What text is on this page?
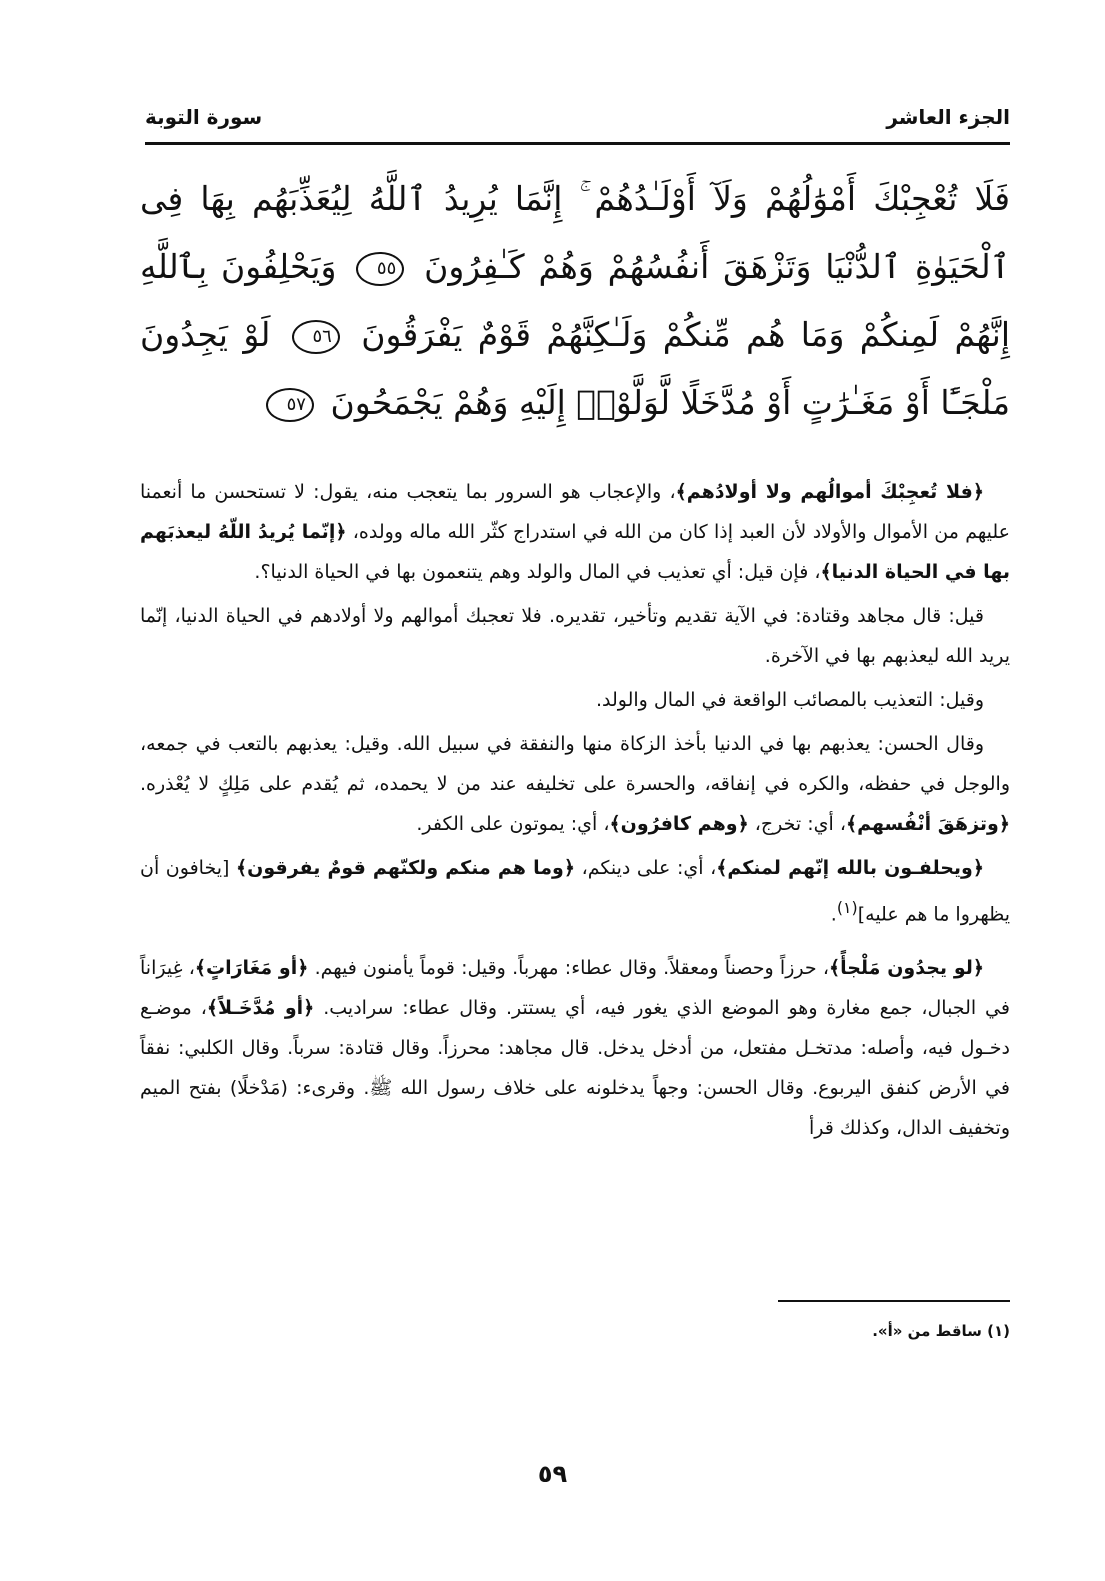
الجزء العاشر
سورة التوبة
فَلَا تُعْجِبْكَ أَمْوَٰلُهُمْ وَلَآ أَوْلَـٰدُهُمْ ۚ إِنَّمَا يُرِيدُ ٱللَّهُ لِيُعَذِّبَهُم بِهَا فِى ٱلْحَيَوٰةِ ٱلدُّنْيَا وَتَزْهَقَ أَنفُسُهُمْ وَهُمْ كَـٰفِرُونَ ٥٥ وَيَحْلِفُونَ بِٱللَّهِ إِنَّهُمْ لَمِنكُمْ وَمَا هُم مِّنكُمْ وَلَـٰكِنَّهُمْ قَوْمٌ يَفْرَقُونَ ٥٦ لَوْ يَجِدُونَ مَلْجَـًٔا أَوْ مَغَـٰرَٰتٍ أَوْ مُدَّخَلًا لَّوَلَّوْا۟ إِلَيْهِ وَهُمْ يَجْمَحُونَ ٥٧

﴿فلا تُعجِبْكَ أموالُهم ولا أولادُهم﴾، والإعجاب هو السرور بما يتعجب منه، يقول: لا تستحسن ما أنعمنا عليهم من الأموال والأولاد لأن العبد إذا كان من الله في استدراج كثّر الله ماله وولده، ﴿إنّما يُريدُ اللّهُ ليعذبَهم بها في الحياة الدنيا﴾، فإن قيل: أي تعذيب في المال والولد وهم يتنعمون بها في الحياة الدنيا؟.

قيل: قال مجاهد وقتادة: في الآية تقديم وتأخير، تقديره. فلا تعجبك أموالهم ولا أولادهم في الحياة الدنيا، إنّما يريد الله ليعذبهم بها في الآخرة.

وقيل: التعذيب بالمصائب الواقعة في المال والولد.

وقال الحسن: يعذبهم بها في الدنيا بأخذ الزكاة منها والنفقة في سبيل الله. وقيل: يعذبهم بالتعب في جمعه، والوجل في حفظه، والكره في إنفاقه، والحسرة على تخليفه عند من لا يحمده، ثم يُقدم على مَلِكٍ لا يُعْذره. ﴿وتزهَقَ أنْفُسهم﴾، أي: تخرج، ﴿وهم كافرُون﴾، أي: يموتون على الكفر.

﴿ويحلفـون بالله إنّهم لمنكم﴾، أي: على دينكم، ﴿وما هم منكم ولكنّهم قومٌ يفرقون﴾ [يخافون أن يظهروا ما هم عليه]$^{(١)}$.

﴿لو يجدُون مَلْجأً﴾، حرزاً وحصناً ومعقلاً. وقال عطاء: مهرباً. وقيل: قوماً يأمنون فيهم. ﴿أو مَغَارَاتٍ﴾، غِيرَاناً في الجبال، جمع مغارة وهو الموضع الذي يغور فيه، أي يستتر. وقال عطاء: سراديب. ﴿أو مُدَّخَـلاً﴾، موضـع دخـول فيه، وأصله: مدتخـل مفتعل، من أدخل يدخل. قال مجاهد: محرزاً. وقال قتادة: سرباً. وقال الكلبي: نفقاً في الأرض كنفق اليربوع. وقال الحسن: وجهاً يدخلونه على خلاف رسول الله ﷺ. وقرىء: (مَدْخلًا) بفتح الميم وتخفيف الدال، وكذلك قرأ

(١) ساقط من «أ».
٥٩
